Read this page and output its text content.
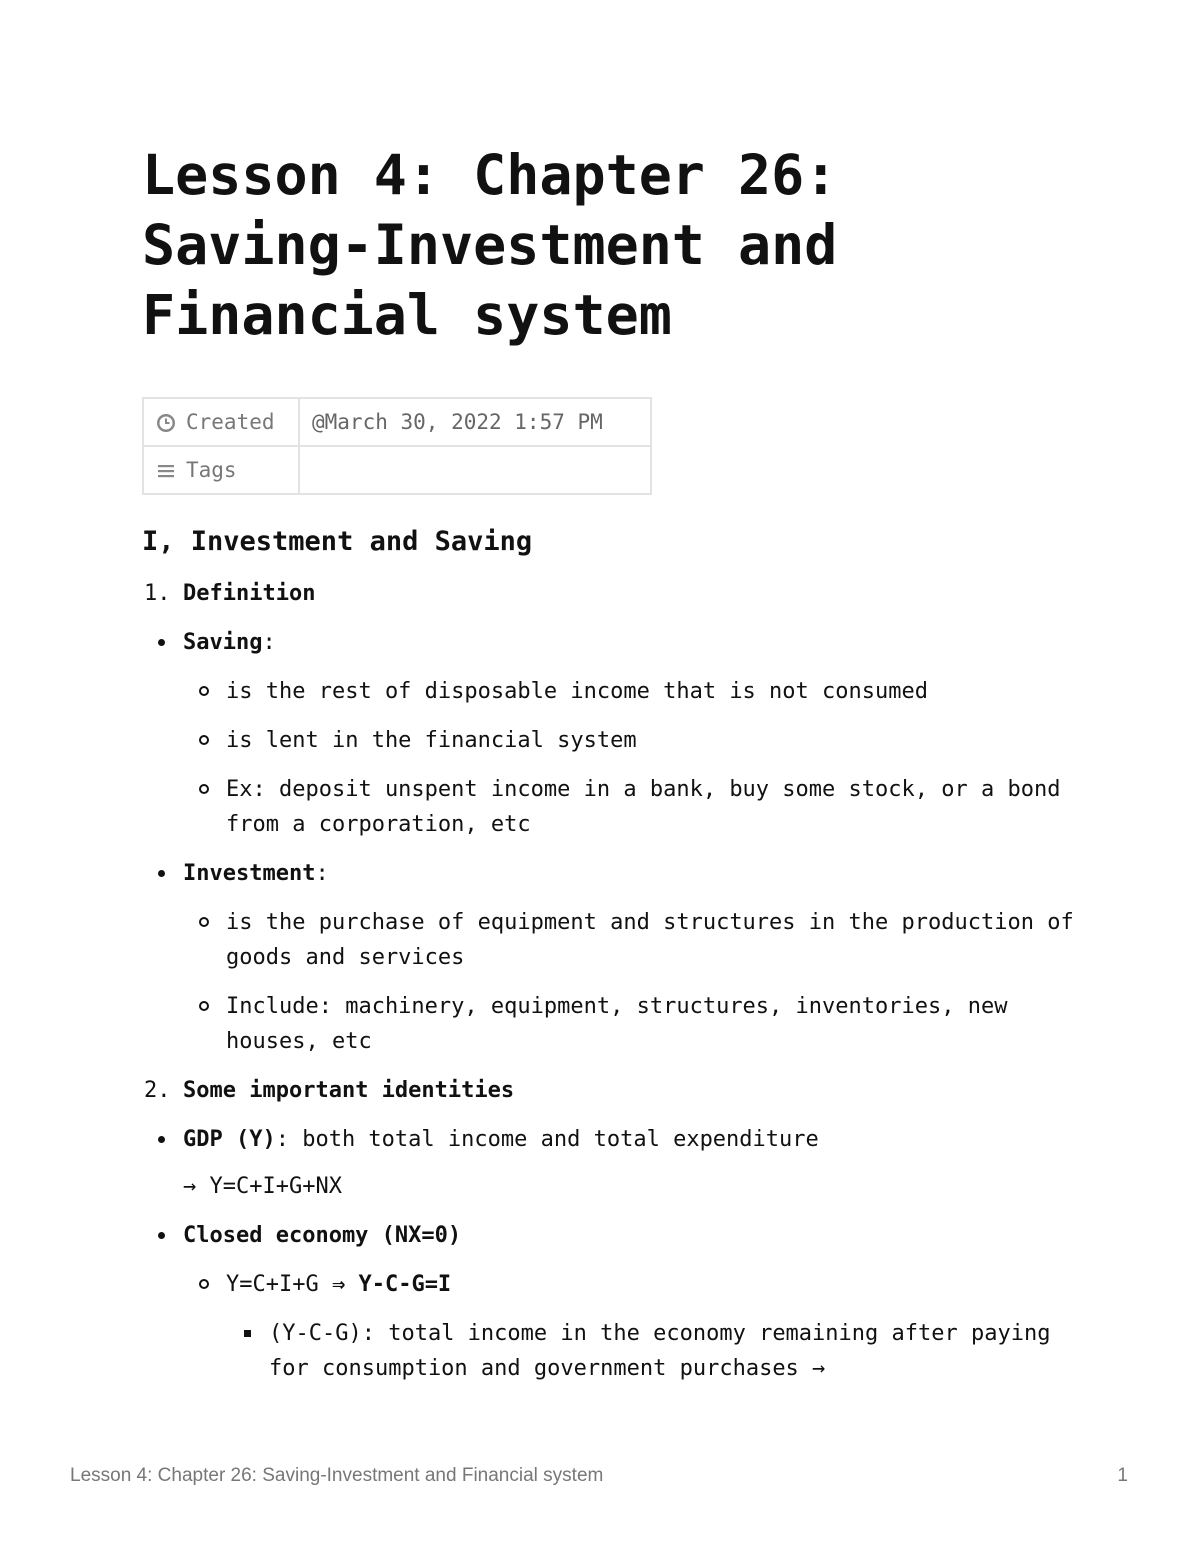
Lesson 4: Chapter 26: Saving-Investment and Financial system
Created	@March 30, 2022 1:57 PM
Tags	
I, Investment and Saving
1. Definition
Saving:
is the rest of disposable income that is not consumed
is lent in the financial system
Ex: deposit unspent income in a bank, buy some stock, or a bond from a corporation, etc
Investment:
is the purchase of equipment and structures in the production of goods and services
Include: machinery, equipment, structures, inventories, new houses, etc
2. Some important identities
GDP (Y): both total income and total expenditure
→ Y=C+I+G+NX
Closed economy (NX=0)
Y=C+I+G ⇒ Y-C-G=I
(Y-C-G): total income in the economy remaining after paying for consumption and government purchases →
Lesson 4: Chapter 26: Saving-Investment and Financial system	1
